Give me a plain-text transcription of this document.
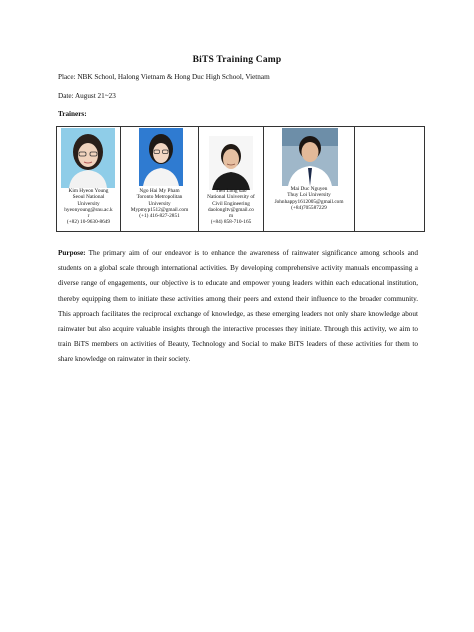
BiTS Training Camp
Place: NBK School, Halong Vietnam & Hong Duc High School, Vietnam
Date: August 21~23
Trainers:
Kim Hyeon Young
Seoul National
University
hyeonyoung@snu.ac.k
r
(+82) 10-9630-8649

Ngo Hai My Pham
Toronto Metropolitan
University
Mypmyp1512@gmail.com
(+1) 416-827-2851

Tien Long dao
National University of
Civil Engineering
daolongltv@gmail.co
m
(+84) 858-710-165

Mai Duc Nguyen
Thuy Loi University
Johnhappy1612005@gmail.com
(+84)705587229

Purpose: The primary aim of our endeavor is to enhance the awareness of rainwater significance among schools and students on a global scale through international activities. By developing comprehensive activity manuals encompassing a diverse range of engagements, our objective is to educate and empower young leaders within each educational institution, thereby equipping them to initiate these activities among their peers and extend their influence to the broader community. This approach facilitates the reciprocal exchange of knowledge, as these emerging leaders not only share knowledge about rainwater but also acquire valuable insights through the interactive processes they initiate. Through this activity, we aim to train BiTS members on activities of Beauty, Technology and Social to make BiTS leaders of these activities for them to share knowledge on rainwater in their society.
